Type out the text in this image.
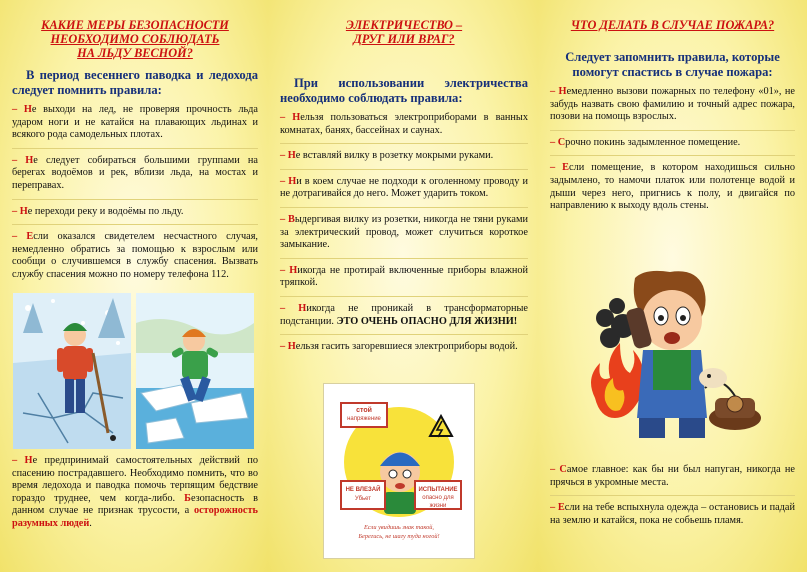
КАКИЕ МЕРЫ БЕЗОПАСНОСТИ
НЕОБХОДИМО СОБЛЮДАТЬ
НА ЛЬДУ ВЕСНОЙ?

В период весеннего паводка и ледохода следует помнить правила:

– Не выходи на лед, не проверяя прочность льда ударом ноги и не катайся на плавающих льдинах и всякого рода самодельных плотах.

– Не следует собираться большими группами на берегах водоёмов и рек, вблизи льда, на мостах и переправах.

– Не переходи реку и водоёмы по льду.

– Если оказался свидетелем несчастного случая, немедленно обратись за помощью к взрослым или сообщи о случившемся в службу спасения. Вызвать службу спасения можно по номеру телефона 112.

– Не предпринимай самостоятельных действий по спасению пострадавшего. Необходимо помнить, что во время ледохода и паводка помочь терпящим бедствие гораздо труднее, чем когда-либо. Безопасность в данном случае не признак трусости, а осторожность разумных людей.

ЭЛЕКТРИЧЕСТВО –
ДРУГ ИЛИ ВРАГ?

При использовании электричества необходимо соблюдать правила:

– Нельзя пользоваться электроприборами в ванных комнатах, банях, бассейнах и саунах.

– Не вставляй вилку в розетку мокрыми руками.

– Ни в коем случае не подходи к оголенному проводу и не дотрагивайся до него. Может ударить током.

– Выдергивая вилку из розетки, никогда не тяни руками за электрический провод, может случиться короткое замыкание.

– Никогда не протирай включенные приборы влажной тряпкой.

– Никогда не проникай в трансформаторные подстанции. ЭТО ОЧЕНЬ ОПАСНО ДЛЯ ЖИЗНИ!

– Нельзя гасить загоревшиеся электроприборы водой.

стой
напряжение
НЕ ВЛЕЗАЙ
Убьет
ИСПЫТАНИЕ
опасно для жизни
Если увидишь знак такой,
Берегись, не шагу туда ногой!
ЧТО ДЕЛАТЬ В СЛУЧАЕ ПОЖАРА?

Следует запомнить правила, которые помогут спастись в случае пожара:

– Немедленно вызови пожарных по телефону «01», не забудь назвать свою фамилию и точный адрес пожара, позови на помощь взрослых.

– Срочно покинь задымленное помещение.

– Если помещение, в котором находишься сильно задымлено, то намочи платок или полотенце водой и дыши через него, пригнись к полу, и двигайся по направлению к выходу вдоль стены.

– Самое главное: как бы ни был напуган, никогда не прячься в укромные места.

– Если на тебе вспыхнула одежда – остановись и падай на землю и катайся, пока не собьешь пламя.
